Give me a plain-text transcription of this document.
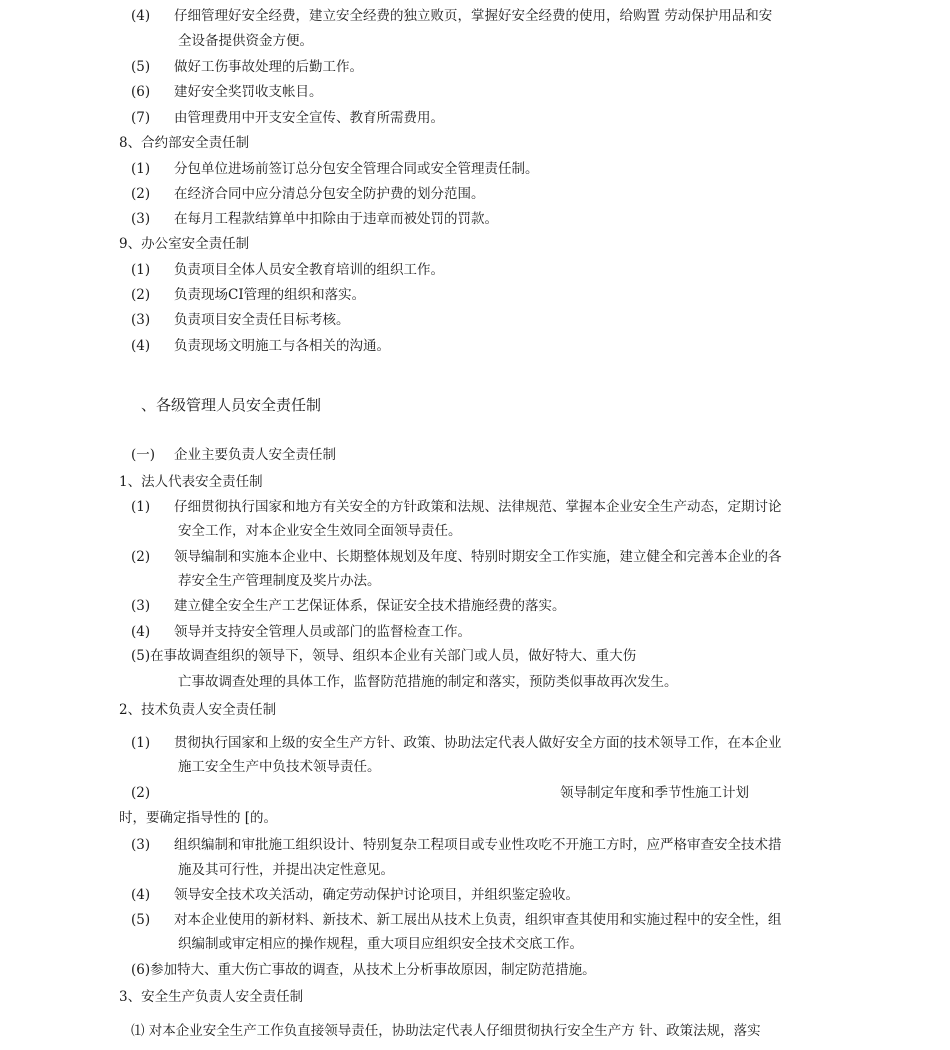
(4) 仔细管理好安全经费，建立安全经费的独立败页，掌握好安全经费的使用，给购置 劳动保护用品和安
全设备提供资金方便。
(5) 做好工伤事故处理的后勤工作。
(6) 建好安全奖罚收支帐目。
(7) 由管理费用中开支安全宣传、教育所需费用。
8、合约部安全责任制
(1) 分包单位进场前签订总分包安全管理合同或安全管理责任制。
(2) 在经济合同中应分清总分包安全防护费的划分范围。
(3) 在每月工程款结算单中扣除由于违章而被处罚的罚款。
9、办公室安全责任制
(1) 负责项目全体人员安全教育培训的组织工作。
(2) 负责现场CI管理的组织和落实。
(3) 负责项目安全责任目标考核。
(4) 负责现场文明施工与各相关的沟通。
、各级管理人员安全责任制
(一) 企业主要负责人安全责任制
1、法人代表安全责任制
(1) 仔细贯彻执行国家和地方有关安全的方针政策和法规、法律规范、掌握本企业安全生产动态，定期讨论
安全工作，对本企业安全生效同全面领导责任。
(2) 领导编制和实施本企业中、长期整体规划及年度、特别时期安全工作实施，建立健全和完善本企业的各
荐安全生产管理制度及奖片办法。
(3) 建立健全安全生产工艺保证体系，保证安全技术措施经费的落实。
(4) 领导并支持安全管理人员或部门的监督检查工作。
(5)在事故调查组织的领导下，领导、组织本企业有关部门或人员，做好特大、重大伤
亡事故调查处理的具体工作，监督防范措施的制定和落实，预防类似事故再次发生。
2、技术负责人安全责任制
(1) 贯彻执行国家和上级的安全生产方针、政策、协助法定代表人做好安全方面的技术领导工作，在本企业
施工安全生产中负技术领导责任。
(2)	领导制定年度和季节性施工计划
时，要确定指导性的 [的。
(3) 组织编制和审批施工组织设计、特别复杂工程项目或专业性攻吃不开施工方时，应严格审查安全技术措
施及其可行性，并提出决定性意见。
(4) 领导安全技术攻关活动，确定劳动保护讨论项目，并组织鉴定验收。
(5) 对本企业使用的新材料、新技术、新工展出从技术上负责，组织审查其使用和实施过程中的安全性，组
织编制或审定相应的操作规程，重大项目应组织安全技术交底工作。
(6)参加特大、重大伤亡事故的调查，从技术上分析事故原因，制定防范措施。
3、安全生产负责人安全责任制
⑴ 对本企业安全生产工作负直接领导责任，协助法定代表人仔细贯彻执行安全生产方 针、政策法规，落实
